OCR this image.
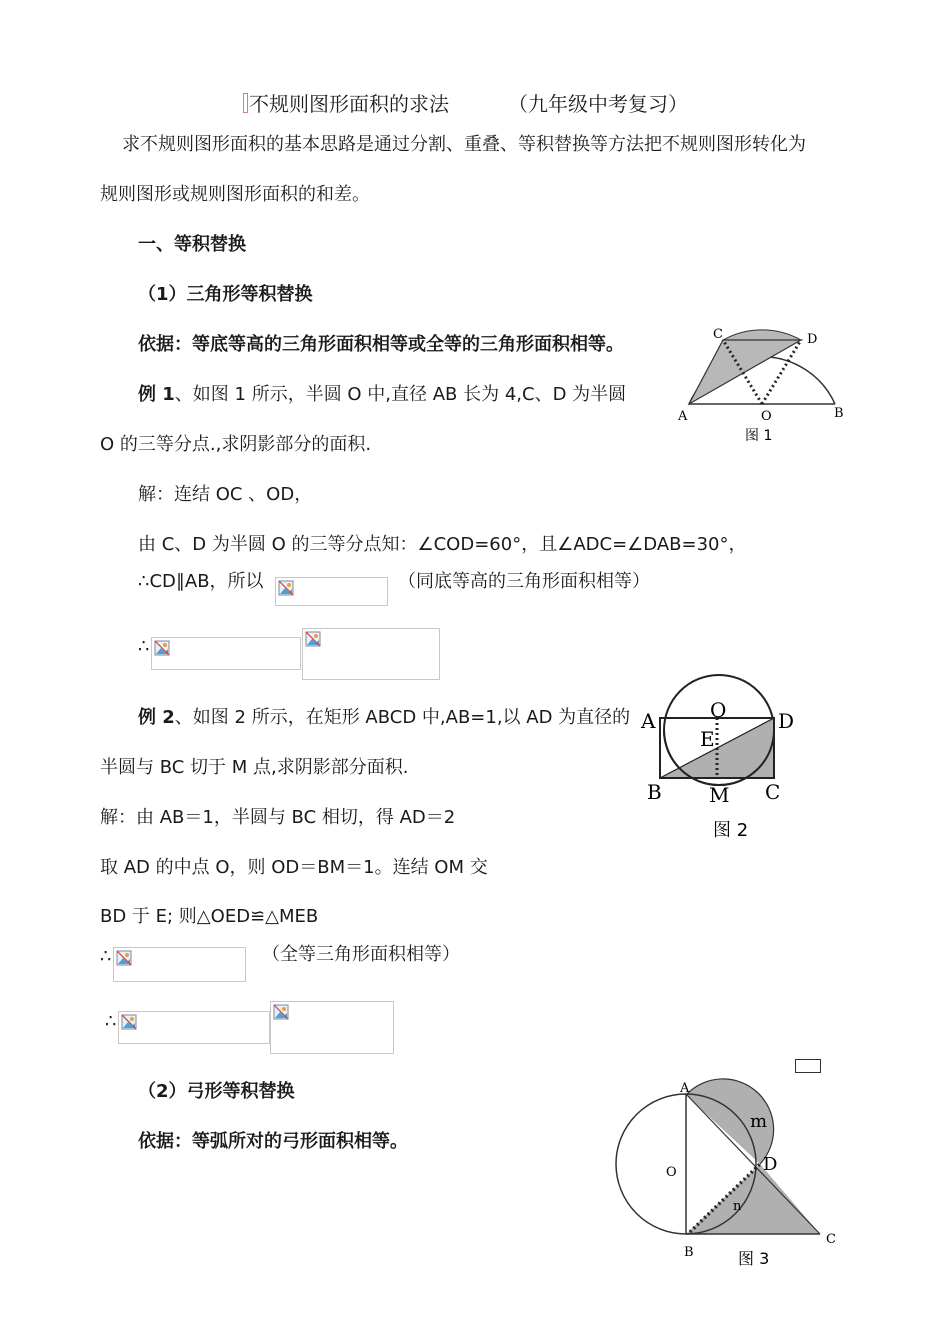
不规则图形面积的求法	（九年级中考复习）
求不规则图形面积的基本思路是通过分割、重叠、等积替换等方法把不规则图形转化为
规则图形或规则图形面积的和差。
一、等积替换
（1）三角形等积替换
依据：等底等高的三角形面积相等或全等的三角形面积相等。
例 1、如图 1 所示，半圆 O 中,直径 AB 长为 4,C、D 为半圆
O 的三等分点.,求阴影部分的面积.
解：连结 OC 、OD，
由 C、D 为半圆 O 的三等分点知：∠COD=60°，且∠ADC=∠DAB=30°，
∴CD∥AB，所以	（同底等高的三角形面积相等）
∴
A	B
C	D
O
图 1
例 2、如图 2 所示，在矩形 ABCD 中,AB=1,以 AD 为直径的
半圆与 BC 切于 M 点,求阴影部分面积.
解：由 AB＝1，半圆与 BC 相切，得 AD＝2
取 AD 的中点 O，则 OD＝BM＝1。连结 OM 交
BD 于 E; 则△OED≌△MEB
∴	（全等三角形面积相等）
∴
A	D
O
E
B M C
图 2
（2）弓形等积替换
依据：等弧所对的弓形面积相等。
A
B
C
D
O
m
n
图 3
